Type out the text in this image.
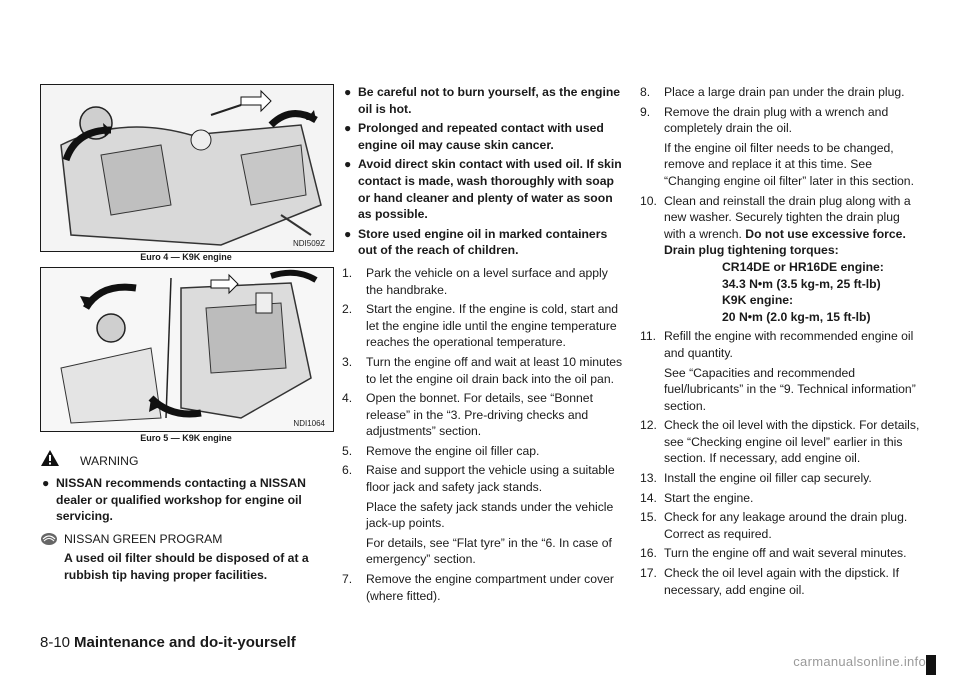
NDI509Z
Euro 4 — K9K engine
NDI1064
Euro 5 — K9K engine
WARNING
● NISSAN recommends contacting a NISSAN dealer or qualified workshop for engine oil servicing.
NISSAN GREEN PROGRAM
A used oil filter should be disposed of at a rubbish tip having proper facilities.
● Be careful not to burn yourself, as the engine oil is hot.
● Prolonged and repeated contact with used engine oil may cause skin cancer.
● Avoid direct skin contact with used oil. If skin contact is made, wash thoroughly with soap or hand cleaner and plenty of water as soon as possible.
● Store used engine oil in marked containers out of the reach of children.
1. Park the vehicle on a level surface and apply the handbrake.
2. Start the engine. If the engine is cold, start and let the engine idle until the engine temperature reaches the operational temperature.
3. Turn the engine off and wait at least 10 minutes to let the engine oil drain back into the oil pan.
4. Open the bonnet. For details, see “Bonnet release” in the “3. Pre-driving checks and adjustments” section.
5. Remove the engine oil filler cap.
6. Raise and support the vehicle using a suitable floor jack and safety jack stands.
Place the safety jack stands under the vehicle jack-up points.
For details, see “Flat tyre” in the “6. In case of emergency” section.
7. Remove the engine compartment under cover (where fitted).
8. Place a large drain pan under the drain plug.
9. Remove the drain plug with a wrench and completely drain the oil.
If the engine oil filter needs to be changed, remove and replace it at this time. See “Changing engine oil filter” later in this section.
10. Clean and reinstall the drain plug along with a new washer. Securely tighten the drain plug with a wrench. Do not use excessive force.
Drain plug tightening torques:
CR14DE or HR16DE engine:
34.3 N•m (3.5 kg-m, 25 ft-lb)
K9K engine:
20 N•m (2.0 kg-m, 15 ft-lb)
11. Refill the engine with recommended engine oil and quantity.
See “Capacities and recommended fuel/lubricants” in the “9. Technical information” section.
12. Check the oil level with the dipstick. For details, see “Checking engine oil level” earlier in this section. If necessary, add engine oil.
13. Install the engine oil filler cap securely.
14. Start the engine.
15. Check for any leakage around the drain plug. Correct as required.
16. Turn the engine off and wait several minutes.
17. Check the oil level again with the dipstick. If necessary, add engine oil.
8-10 Maintenance and do-it-yourself
carmanualsonline.info
